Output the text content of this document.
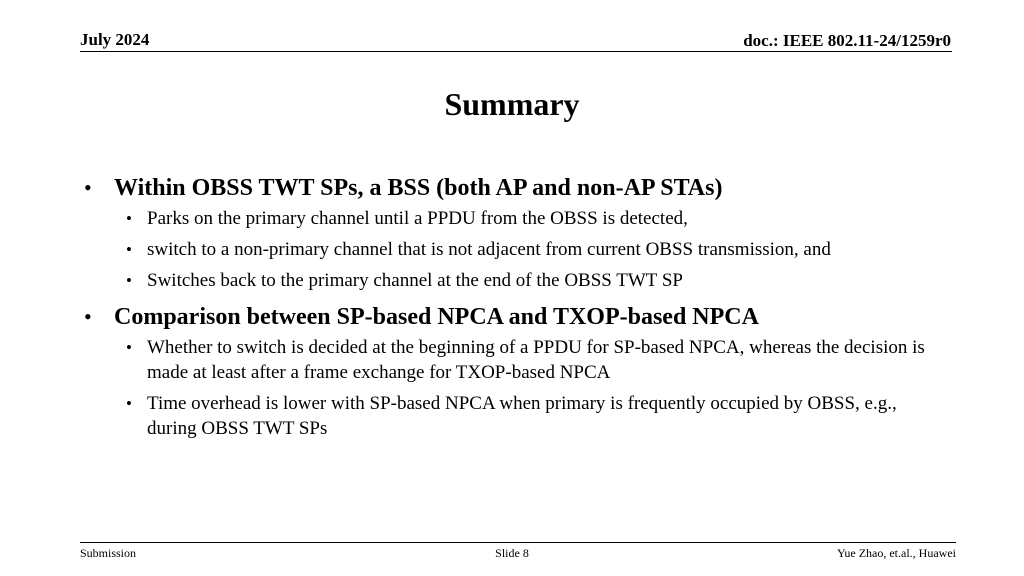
July 2024	doc.: IEEE 802.11-24/1259r0
Summary
• Within OBSS TWT SPs, a BSS (both AP and non-AP STAs)
• Parks on the primary channel until a PPDU from the OBSS is detected,
• switch to a non-primary channel that is not adjacent from current OBSS transmission, and
• Switches back to the primary channel at the end of the OBSS TWT SP
• Comparison between SP-based NPCA and TXOP-based NPCA
• Whether to switch is decided at the beginning of a PPDU for SP-based NPCA, whereas the decision is made at least after a frame exchange for TXOP-based NPCA
• Time overhead is lower with SP-based NPCA when primary is frequently occupied by OBSS, e.g., during OBSS TWT SPs
Submission	Slide 8	Yue Zhao, et.al., Huawei
